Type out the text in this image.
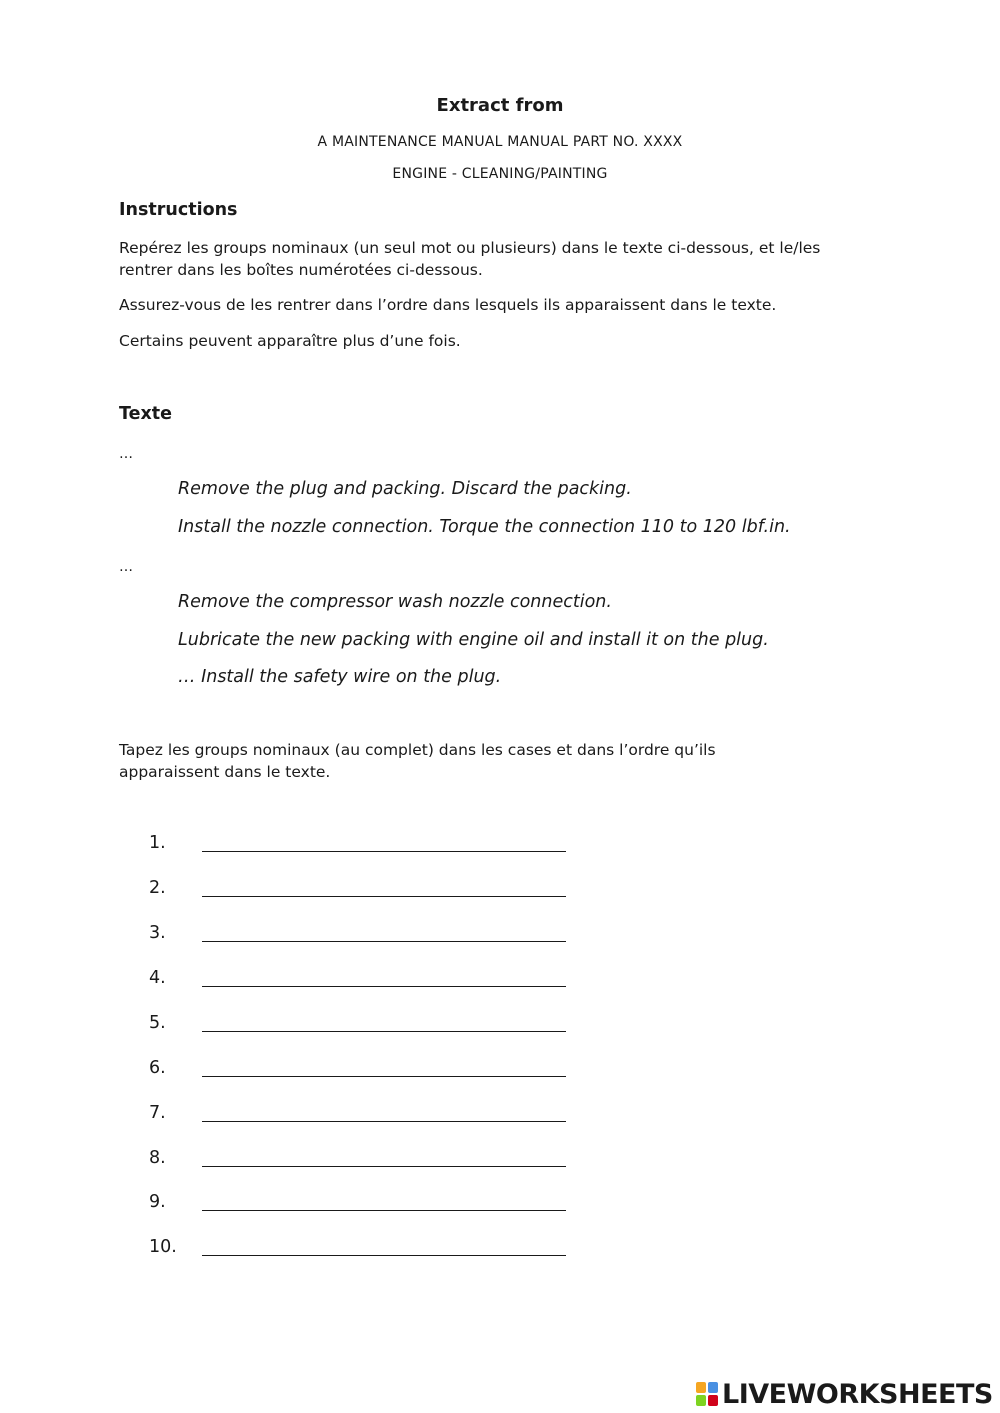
Extract from
A MAINTENANCE MANUAL MANUAL PART NO. XXXX
ENGINE - CLEANING/PAINTING
Instructions
Repérez les groups nominaux (un seul mot ou plusieurs) dans le texte ci-dessous, et le/les rentrer dans les boîtes numérotées ci-dessous.
Assurez-vous de les rentrer dans l’ordre dans lesquels ils apparaissent dans le texte.
Certains peuvent apparaître plus d’une fois.
Texte
…
Remove the plug and packing. Discard the packing.
Install the nozzle connection. Torque the connection 110 to 120 lbf.in.
…
Remove the compressor wash nozzle connection.
Lubricate the new packing with engine oil and install it on the plug.
… Install the safety wire on the plug.
Tapez les groups nominaux (au complet) dans les cases et dans l’ordre qu’ils apparaissent dans le texte.
1.
2.
3.
4.
5.
6.
7.
8.
9.
10.
LIVEWORKSHEETS
